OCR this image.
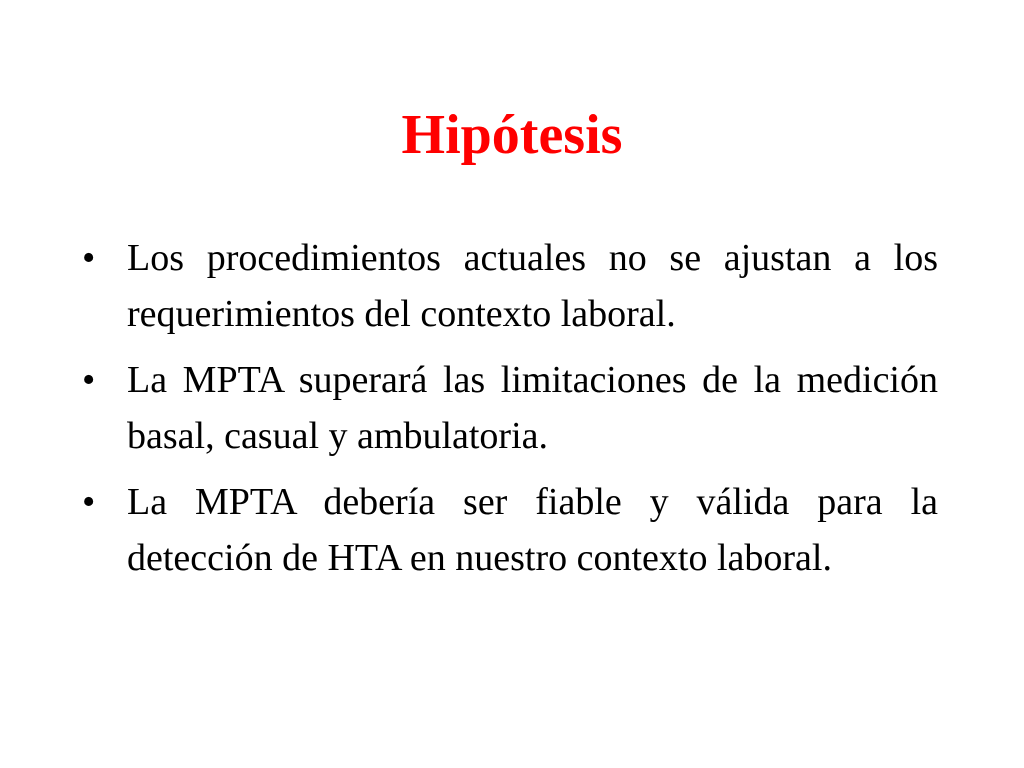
Hipótesis
• Los procedimientos actuales no se ajustan a los requerimientos del contexto laboral.
• La MPTA superará las limitaciones de la medición basal, casual y ambulatoria.
• La MPTA debería ser fiable y válida para la detección de HTA en nuestro contexto laboral.
